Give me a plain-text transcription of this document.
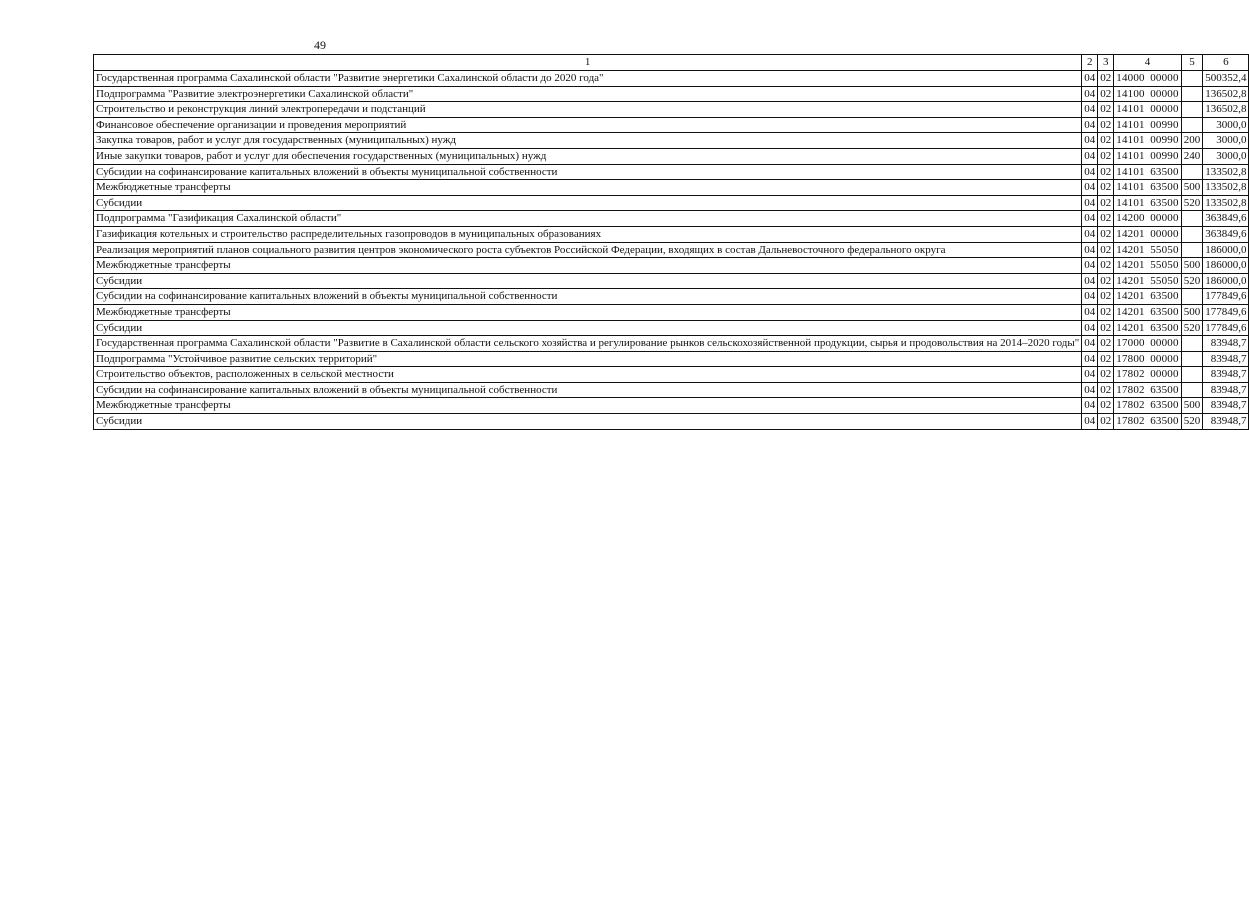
49
1	2	3	4	5	6
Государственная программа Сахалинской области "Развитие энергетики Сахалинской области до 2020 года"	04	02	14000 00000		500352,4
Подпрограмма "Развитие электроэнергетики Сахалинской области"	04	02	14100 00000		136502,8
Строительство и реконструкция линий электропередачи и подстанций	04	02	14101 00000		136502,8
Финансовое обеспечение организации и проведения мероприятий	04	02	14101 00990		3000,0
Закупка товаров, работ и услуг для государственных (муниципальных) нужд	04	02	14101 00990	200	3000,0
Иные закупки товаров, работ и услуг для обеспечения государственных (муниципальных) нужд	04	02	14101 00990	240	3000,0
Субсидии на софинансирование капитальных вложений в объекты муниципальной собственности	04	02	14101 63500		133502,8
Межбюджетные трансферты	04	02	14101 63500	500	133502,8
Субсидии	04	02	14101 63500	520	133502,8
Подпрограмма "Газификация Сахалинской области"	04	02	14200 00000		363849,6
Газификация котельных и строительство распределительных газопроводов в муниципальных образованиях	04	02	14201 00000		363849,6
Реализация мероприятий планов социального развития центров экономического роста субъектов Российской Федерации, входящих в состав Дальневосточного федерального округа	04	02	14201 55050		186000,0
Межбюджетные трансферты	04	02	14201 55050	500	186000,0
Субсидии	04	02	14201 55050	520	186000,0
Субсидии на софинансирование капитальных вложений в объекты муниципальной собственности	04	02	14201 63500		177849,6
Межбюджетные трансферты	04	02	14201 63500	500	177849,6
Субсидии	04	02	14201 63500	520	177849,6
Государственная программа Сахалинской области "Развитие в Сахалинской области сельского хозяйства и регулирование рынков сельскохозяйственной продукции, сырья и продовольствия на 2014–2020 годы"	04	02	17000 00000		83948,7
Подпрограмма "Устойчивое развитие сельских территорий"	04	02	17800 00000		83948,7
Строительство объектов, расположенных в сельской местности	04	02	17802 00000		83948,7
Субсидии на софинансирование капитальных вложений в объекты муниципальной собственности	04	02	17802 63500		83948,7
Межбюджетные трансферты	04	02	17802 63500	500	83948,7
Субсидии	04	02	17802 63500	520	83948,7
